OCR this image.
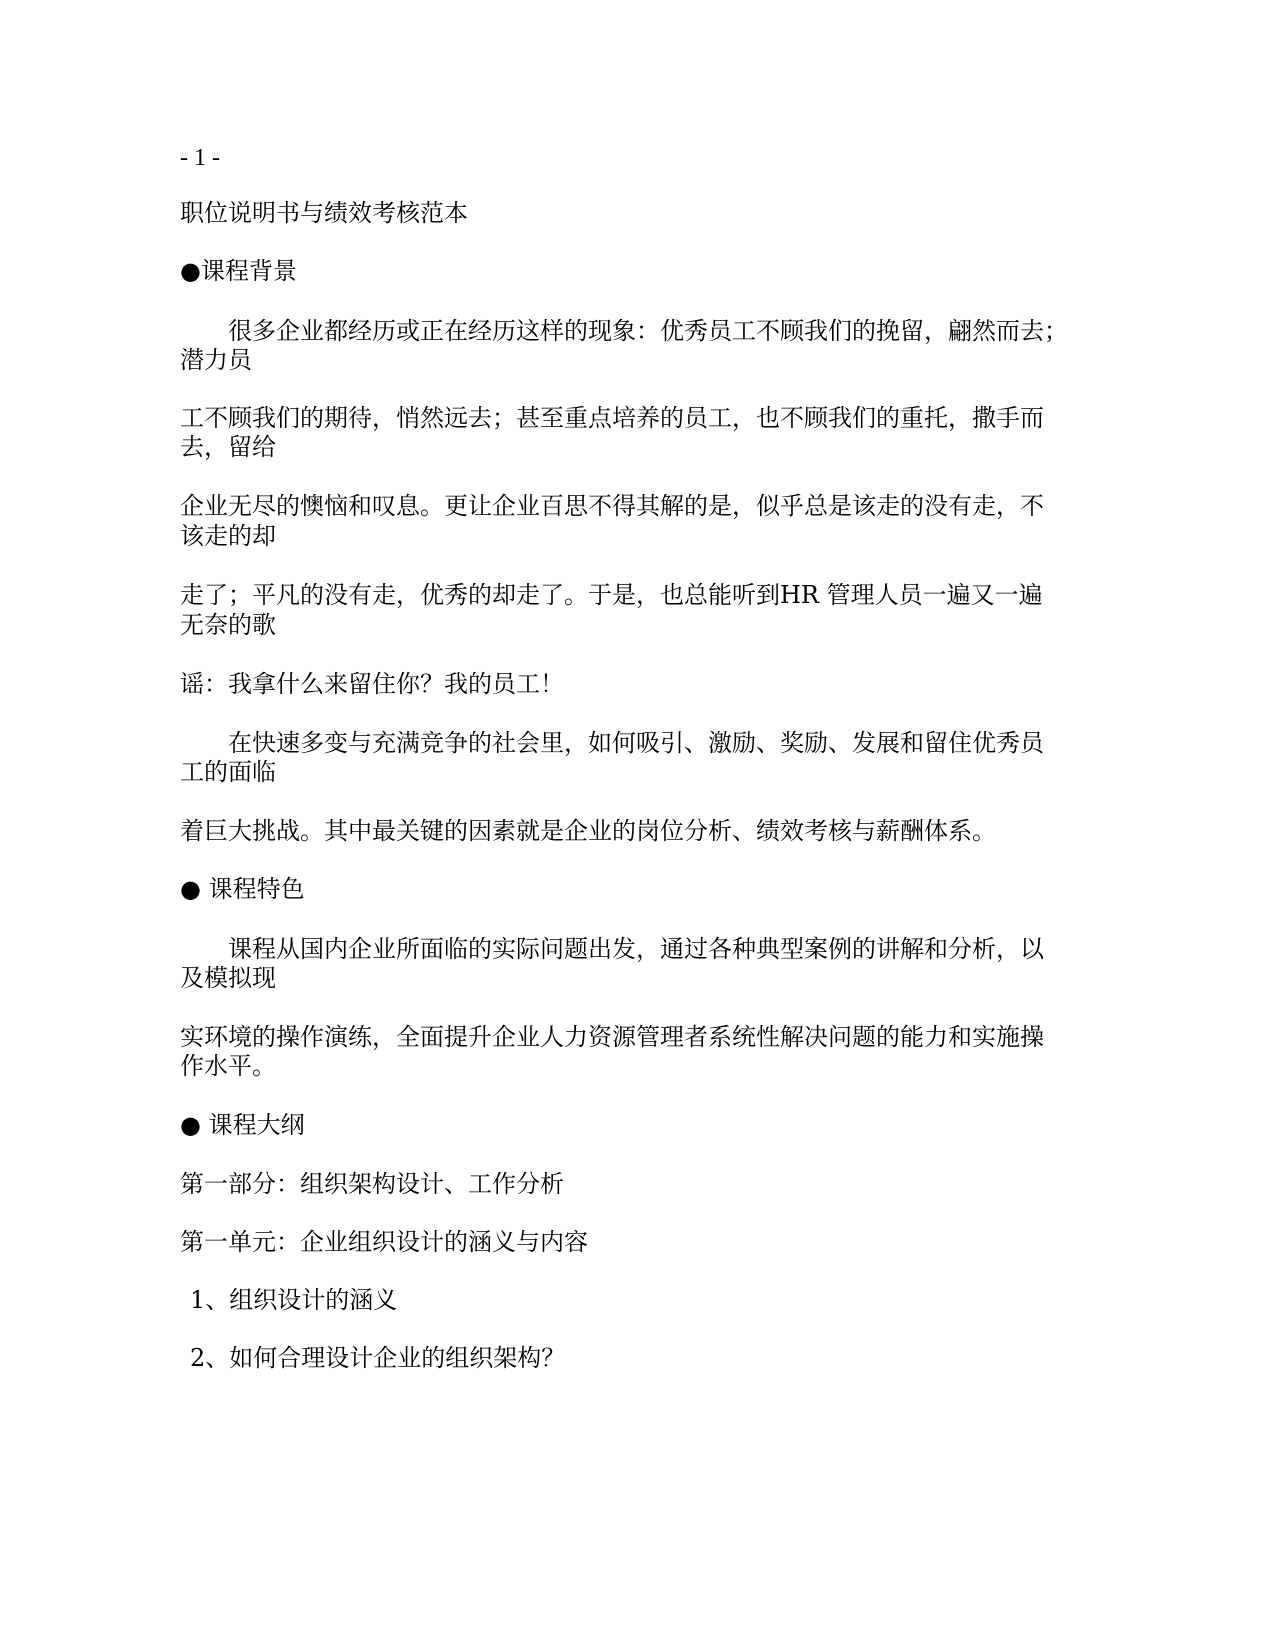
- 1 -
职位说明书与绩效考核范本
●课程背景
很多企业都经历或正在经历这样的现象：优秀员工不顾我们的挽留，翩然而去；
潜力员
工不顾我们的期待，悄然远去；甚至重点培养的员工，也不顾我们的重托，撒手而
去，留给
企业无尽的懊恼和叹息。更让企业百思不得其解的是，似乎总是该走的没有走，不
该走的却
走了；平凡的没有走，优秀的却走了。于是，也总能听到HR 管理人员一遍又一遍
无奈的歌
谣：我拿什么来留住你？我的员工！
在快速多变与充满竞争的社会里，如何吸引、激励、奖励、发展和留住优秀员
工的面临
着巨大挑战。其中最关键的因素就是企业的岗位分析、绩效考核与薪酬体系。
● 课程特色
课程从国内企业所面临的实际问题出发，通过各种典型案例的讲解和分析，以
及模拟现
实环境的操作演练，全面提升企业人力资源管理者系统性解决问题的能力和实施操
作水平。
● 课程大纲
第一部分：组织架构设计、工作分析
第一单元：企业组织设计的涵义与内容
1、组织设计的涵义
2、如何合理设计企业的组织架构？
